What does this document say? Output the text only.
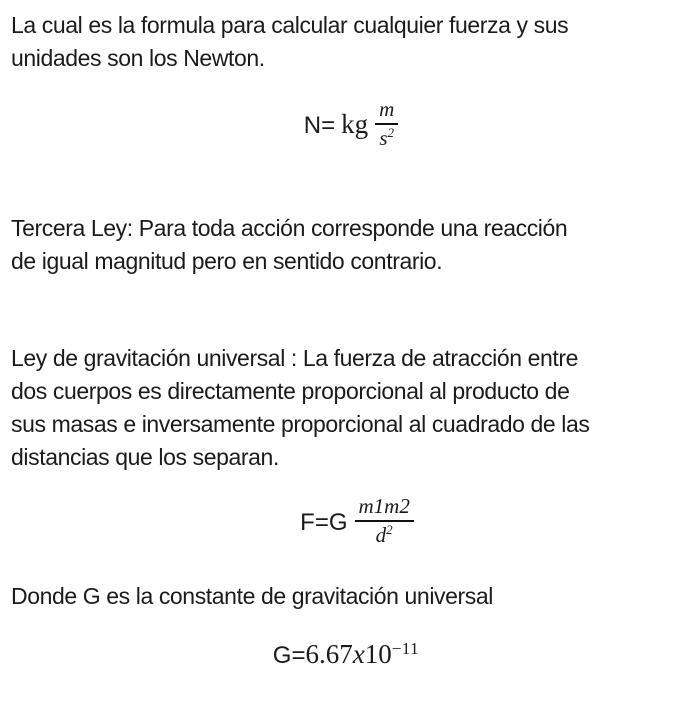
La cual es la formula para calcular cualquier fuerza y sus
unidades son los Newton.

N= kg $\frac{m}{s^2}$

Tercera Ley: Para toda acción corresponde una reacción
de igual magnitud pero en sentido contrario.

Ley de gravitación universal : La fuerza de atracción entre
dos cuerpos es directamente proporcional al producto de
sus masas e inversamente proporcional al cuadrado de las
distancias que los separan.

$F=G \frac{m1m2}{d^2}$

Donde G es la constante de gravitación universal

$G=6.67x10^{-11}$
